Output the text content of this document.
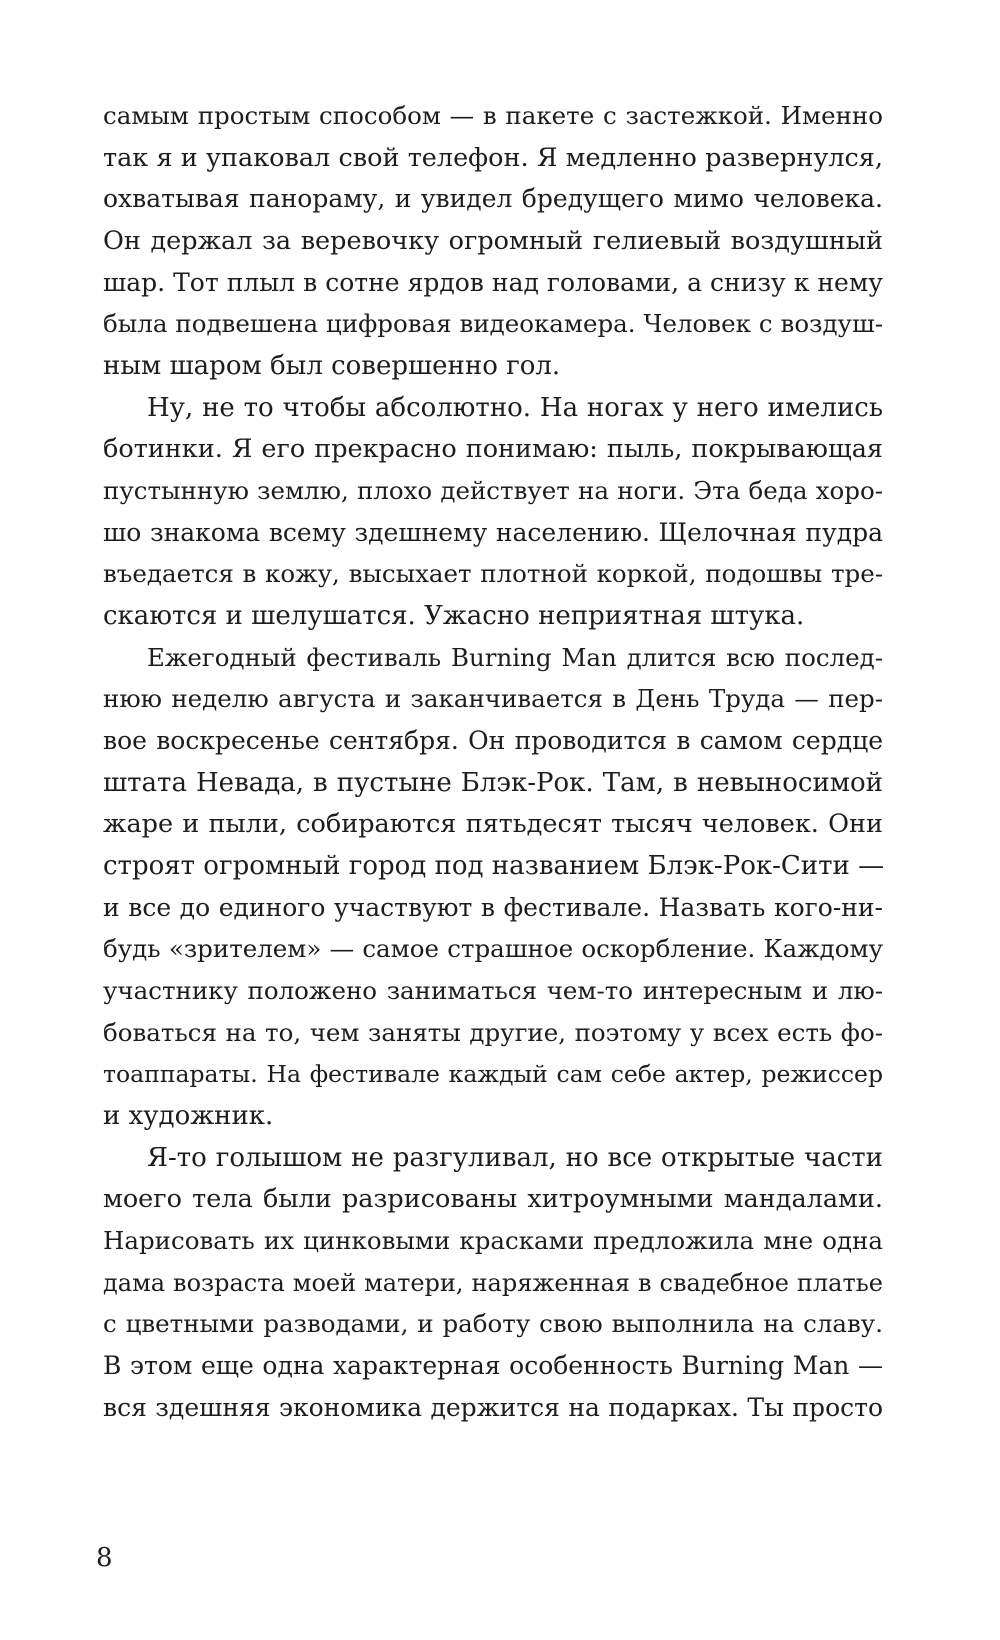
самым простым способом — в пакете с застежкой. Именно
так я и упаковал свой телефон. Я медленно развернулся,
охватывая панораму, и увидел бредущего мимо человека.
Он держал за веревочку огромный гелиевый воздушный
шар. Тот плыл в сотне ярдов над головами, а снизу к нему
была подвешена цифровая видеокамера. Человек с воздуш-
ным шаром был совершенно гол.
Ну, не то чтобы абсолютно. На ногах у него имелись
ботинки. Я его прекрасно понимаю: пыль, покрывающая
пустынную землю, плохо действует на ноги. Эта беда хоро-
шо знакома всему здешнему населению. Щелочная пудра
въедается в кожу, высыхает плотной коркой, подошвы тре-
скаются и шелушатся. Ужасно неприятная штука.
Ежегодный фестиваль Burning Man длится всю послед-
нюю неделю августа и заканчивается в День Труда — пер-
вое воскресенье сентября. Он проводится в самом сердце
штата Невада, в пустыне Блэк-Рок. Там, в невыносимой
жаре и пыли, собираются пятьдесят тысяч человек. Они
строят огромный город под названием Блэк-Рок-Сити —
и все до единого участвуют в фестивале. Назвать кого-ни-
будь «зрителем» — самое страшное оскорбление. Каждому
участнику положено заниматься чем-то интересным и лю-
боваться на то, чем заняты другие, поэтому у всех есть фо-
тоаппараты. На фестивале каждый сам себе актер, режиссер
и художник.
Я-то голышом не разгуливал, но все открытые части
моего тела были разрисованы хитроумными мандалами.
Нарисовать их цинковыми красками предложила мне одна
дама возраста моей матери, наряженная в свадебное платье
с цветными разводами, и работу свою выполнила на славу.
В этом еще одна характерная особенность Burning Man —
вся здешняя экономика держится на подарках. Ты просто
8
